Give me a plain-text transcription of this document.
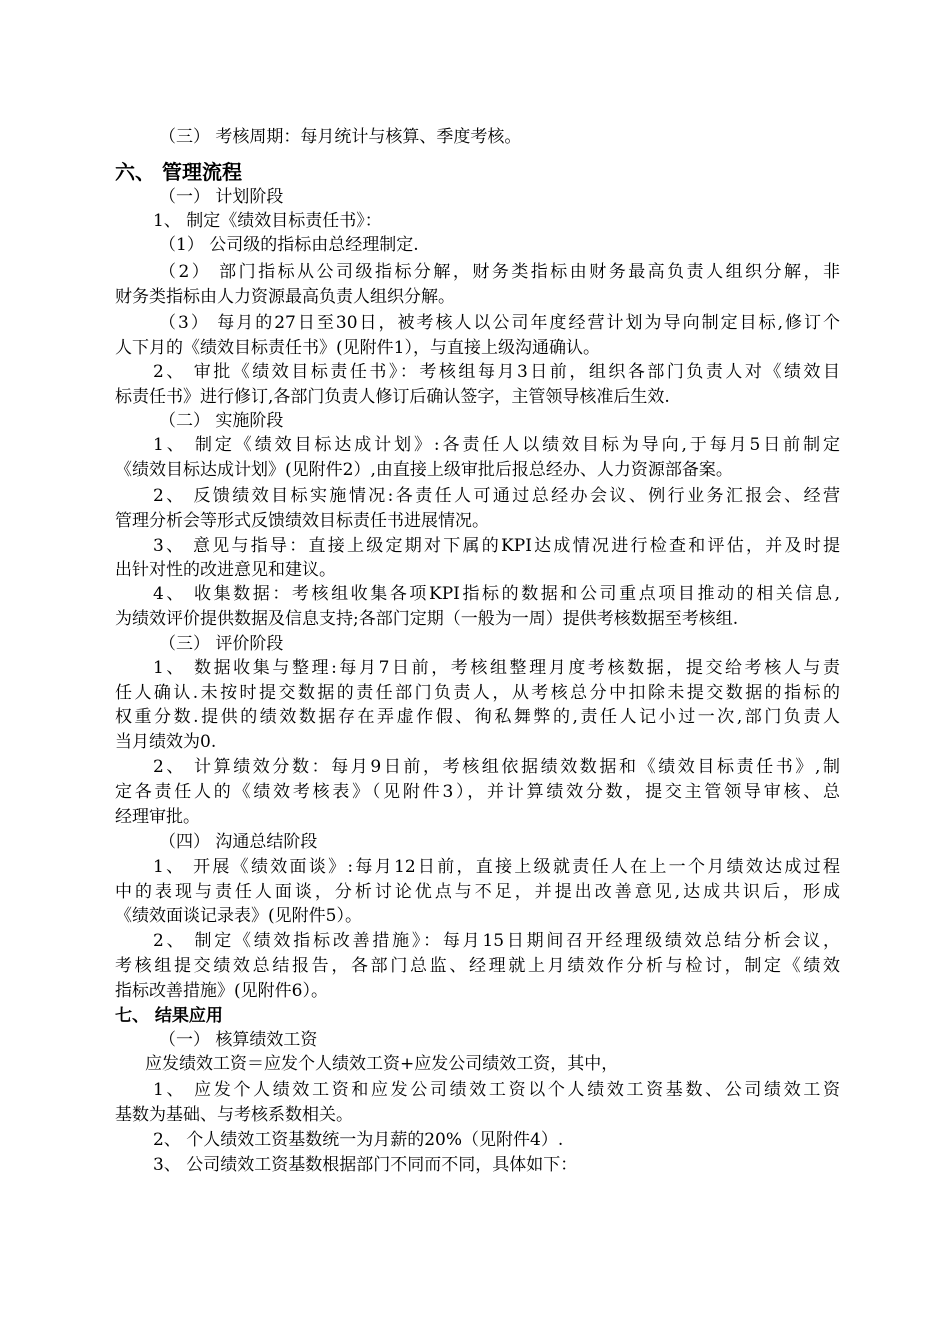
（三） 考核周期：每月统计与核算、季度考核。
六、 管理流程
（一） 计划阶段
1、 制定《绩效目标责任书》：
（1） 公司级的指标由总经理制定.
（2） 部门指标从公司级指标分解，财务类指标由财务最高负责人组织分解，非
财务类指标由人力资源最高负责人组织分解。
（3） 每月的27日至30日，被考核人以公司年度经营计划为导向制定目标,修订个
人下月的《绩效目标责任书》(见附件1），与直接上级沟通确认。
2、 审批《绩效目标责任书》：考核组每月3日前，组织各部门负责人对《绩效目
标责任书》进行修订,各部门负责人修订后确认签字，主管领导核准后生效.
（二） 实施阶段
1、 制定《绩效目标达成计划》:各责任人以绩效目标为导向,于每月5日前制定
《绩效目标达成计划》(见附件2）,由直接上级审批后报总经办、人力资源部备案。
2、 反馈绩效目标实施情况:各责任人可通过总经办会议、例行业务汇报会、经营
管理分析会等形式反馈绩效目标责任书进展情况。
3、 意见与指导：直接上级定期对下属的KPI达成情况进行检查和评估，并及时提
出针对性的改进意见和建议。
4、 收集数据：考核组收集各项KPI指标的数据和公司重点项目推动的相关信息,
为绩效评价提供数据及信息支持;各部门定期（一般为一周）提供考核数据至考核组.
（三） 评价阶段
1、 数据收集与整理:每月7日前，考核组整理月度考核数据，提交给考核人与责
任人确认.未按时提交数据的责任部门负责人，从考核总分中扣除未提交数据的指标的
权重分数.提供的绩效数据存在弄虚作假、徇私舞弊的,责任人记小过一次,部门负责人
当月绩效为0.
2、 计算绩效分数：每月9日前，考核组依据绩效数据和《绩效目标责任书》,制
定各责任人的《绩效考核表》（见附件3），并计算绩效分数，提交主管领导审核、总
经理审批。
（四） 沟通总结阶段
1、 开展《绩效面谈》:每月12日前，直接上级就责任人在上一个月绩效达成过程
中的表现与责任人面谈，分析讨论优点与不足，并提出改善意见,达成共识后，形成
《绩效面谈记录表》(见附件5）。
2、 制定《绩效指标改善措施》：每月15日期间召开经理级绩效总结分析会议，
考核组提交绩效总结报告，各部门总监、经理就上月绩效作分析与检讨，制定《绩效
指标改善措施》(见附件6）。
七、 结果应用
（一） 核算绩效工资
应发绩效工资＝应发个人绩效工资+应发公司绩效工资，其中，
1、 应发个人绩效工资和应发公司绩效工资以个人绩效工资基数、公司绩效工资
基数为基础、与考核系数相关。
2、 个人绩效工资基数统一为月薪的20%（见附件4）.
3、 公司绩效工资基数根据部门不同而不同，具体如下：
